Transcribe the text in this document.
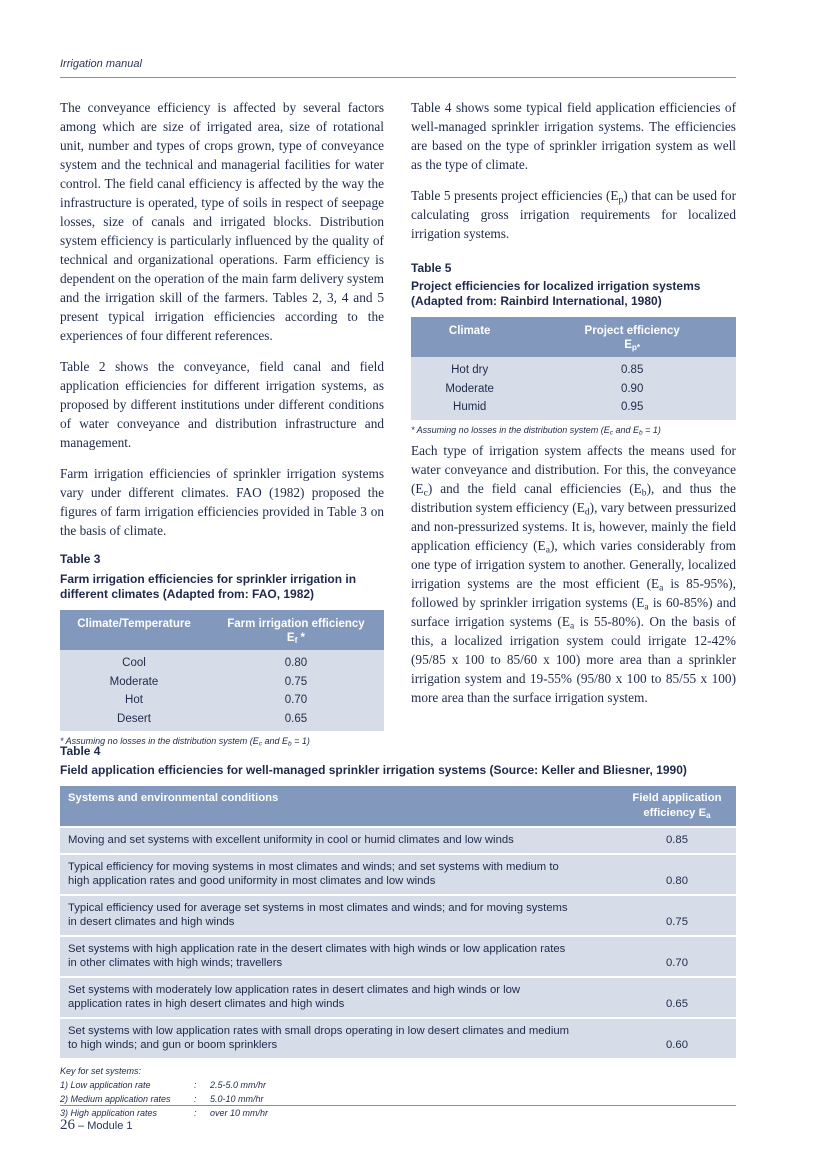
Irrigation manual

The conveyance efficiency is affected by several factors among which are size of irrigated area, size of rotational unit, number and types of crops grown, type of conveyance system and the technical and managerial facilities for water control. The field canal efficiency is affected by the way the infrastructure is operated, type of soils in respect of seepage losses, size of canals and irrigated blocks. Distribution system efficiency is particularly influenced by the quality of technical and organizational operations. Farm efficiency is dependent on the operation of the main farm delivery system and the irrigation skill of the farmers. Tables 2, 3, 4 and 5 present typical irrigation efficiencies according to the experiences of four different references.

Table 2 shows the conveyance, field canal and field application efficiencies for different irrigation systems, as proposed by different institutions under different conditions of water conveyance and distribution infrastructure and management.

Farm irrigation efficiencies of sprinkler irrigation systems vary under different climates. FAO (1982) proposed the figures of farm irrigation efficiencies provided in Table 3 on the basis of climate.

Table 3
Farm irrigation efficiencies for sprinkler irrigation in different climates (Adapted from: FAO, 1982)
Climate/Temperature	Farm irrigation efficiency
$E_f$ *
Cool	0.80
Moderate	0.75
Hot	0.70
Desert	0.65
* Assuming no losses in the distribution system ($E_c$ and $E_b = 1$)

Table 4 shows some typical field application efficiencies of well-managed sprinkler irrigation systems. The efficiencies are based on the type of sprinkler irrigation system as well as the type of climate.

Table 5 presents project efficiencies $(E_p)$ that can be used for calculating gross irrigation requirements for localized irrigation systems.

Table 5
Project efficiencies for localized irrigation systems (Adapted from: Rainbird International, 1980)
Climate	Project efficiency
$E_{p*}$
Hot dry	0.85
Moderate	0.90
Humid	0.95
* Assuming no losses in the distribution system ($E_c$ and $E_b = 1$)

Each type of irrigation system affects the means used for water conveyance and distribution. For this, the conveyance $(E_c)$ and the field canal efficiencies $(E_b)$, and thus the distribution system efficiency $(E_d)$, vary between pressurized and non-pressurized systems. It is, however, mainly the field application efficiency $(E_a)$, which varies considerably from one type of irrigation system to another. Generally, localized irrigation systems are the most efficient ($E_a$ is 85-95%), followed by sprinkler irrigation systems ($E_a$ is 60-85%) and surface irrigation systems ($E_a$ is 55-80%). On the basis of this, a localized irrigation system could irrigate 12-42% (95/85 x 100 to 85/60 x 100) more area than a sprinkler irrigation system and 19-55% (95/80 x 100 to 85/55 x 100) more area than the surface irrigation system.

Table 4
Field application efficiencies for well-managed sprinkler irrigation systems (Source: Keller and Bliesner, 1990)
Systems and environmental conditions	Field application
efficiency $E_a$
Moving and set systems with excellent uniformity in cool or humid climates and low winds	0.85
Typical efficiency for moving systems in most climates and winds; and set systems with medium to
high application rates and good uniformity in most climates and low winds	0.80
Typical efficiency used for average set systems in most climates and winds; and for moving systems
in desert climates and high winds	0.75
Set systems with high application rate in the desert climates with high winds or low application rates
in other climates with high winds; travellers	0.70
Set systems with moderately low application rates in desert climates and high winds or low
application rates in high desert climates and high winds	0.65
Set systems with low application rates with small drops operating in low desert climates and medium
to high winds; and gun or boom sprinklers	0.60
Key for set systems:
1) Low application rate	:	2.5-5.0 mm/hr
2) Medium application rates	:	5.0-10 mm/hr
3) High application rates	:	over 10 mm/hr
26 – Module 1
